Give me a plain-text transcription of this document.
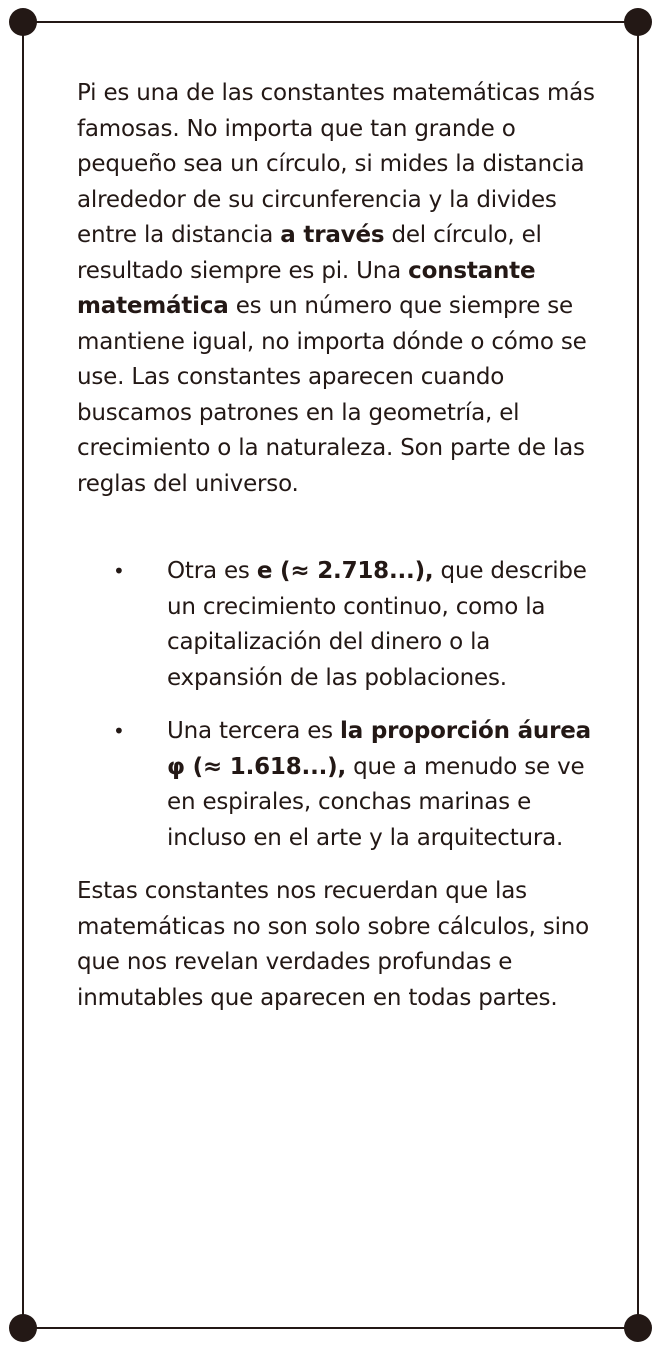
Pi es una de las constantes matemáticas más famosas. No importa que tan grande o pequeño sea un círculo, si mides la distancia alrededor de su circunferencia y la divides entre la distancia a través del círculo, el resultado siempre es pi. Una constante matemática es un número que siempre se mantiene igual, no importa dónde o cómo se use. Las constantes aparecen cuando buscamos patrones en la geometría, el crecimiento o la naturaleza. Son parte de las reglas del universo.

• Otra es e (≈ 2.718...), que describe un crecimiento continuo, como la capitalización del dinero o la expansión de las poblaciones.
• Una tercera es la proporción áurea φ (≈ 1.618...), que a menudo se ve en espirales, conchas marinas e incluso en el arte y la arquitectura.

Estas constantes nos recuerdan que las matemáticas no son solo sobre cálculos, sino que nos revelan verdades profundas e inmutables que aparecen en todas partes.
